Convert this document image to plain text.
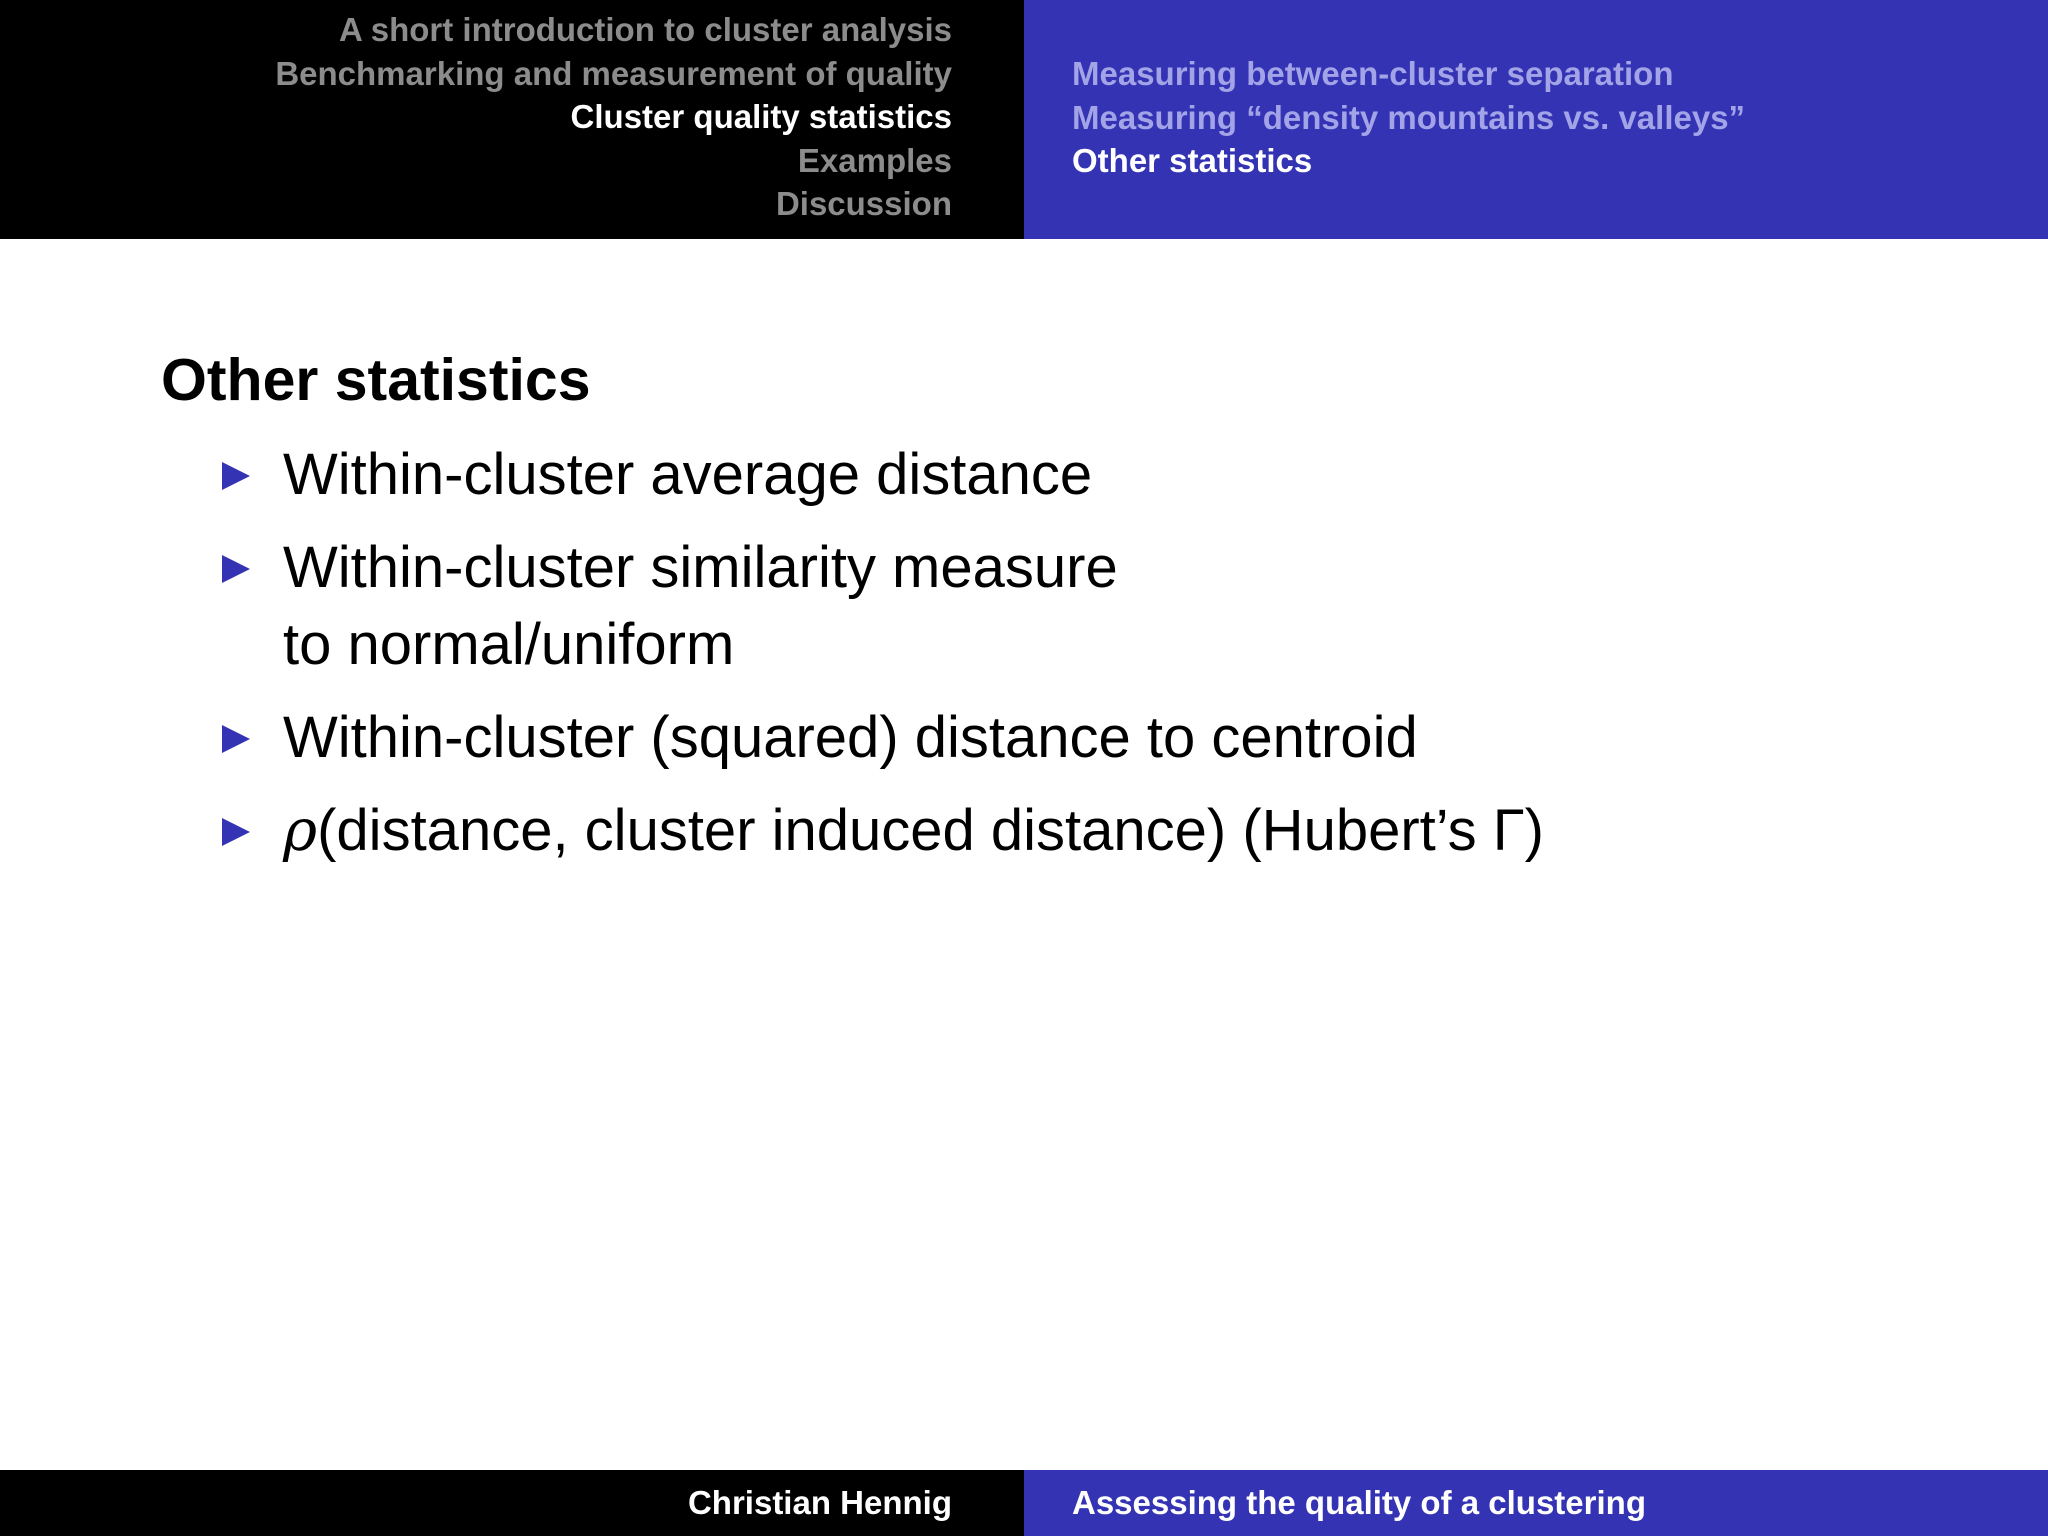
A short introduction to cluster analysis
Benchmarking and measurement of quality
Cluster quality statistics
Examples
Discussion
Measuring between-cluster separation
Measuring “density mountains vs. valleys”
Other statistics
Other statistics
Within-cluster average distance
Within-cluster similarity measure
to normal/uniform
Within-cluster (squared) distance to centroid
ρ(distance, cluster induced distance) (Hubert’s Γ)
Christian Hennig	Assessing the quality of a clustering
